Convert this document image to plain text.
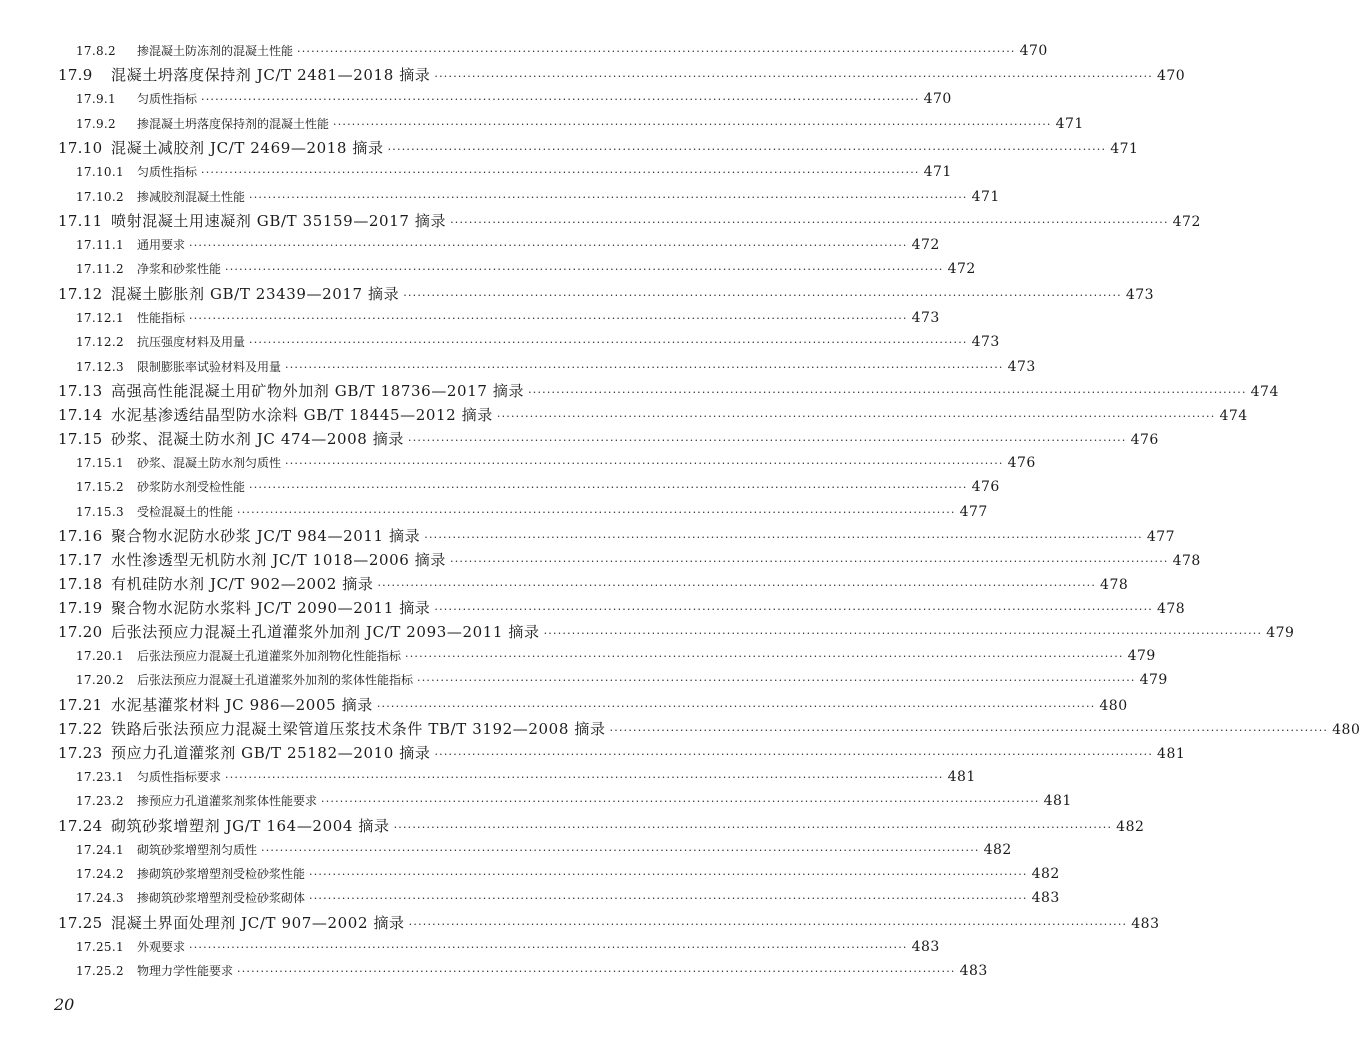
17.8.2	掺混凝土防冻剂的混凝土性能 ·····	470
17.9	混凝土坍落度保持剂 JC/T 2481—2018 摘录 ·····	470
17.9.1	匀质性指标 ·····	470
17.9.2	掺混凝土坍落度保持剂的混凝土性能 ·····	471
17.10 混凝土减胶剂 JC/T 2469—2018 摘录 ·····	471
17.10.1	匀质性指标 ·····	471
17.10.2	掺减胶剂混凝土性能 ·····	471
17.11 喷射混凝土用速凝剂 GB/T 35159—2017 摘录 ·····	472
17.11.1	通用要求 ·····	472
17.11.2	净浆和砂浆性能 ·····	472
17.12 混凝土膨胀剂 GB/T 23439—2017 摘录 ·····	473
17.12.1	性能指标 ·····	473
17.12.2	抗压强度材料及用量 ·····	473
17.12.3	限制膨胀率试验材料及用量 ·····	473
17.13 高强高性能混凝土用矿物外加剂 GB/T 18736—2017 摘录 ·····	474
17.14 水泥基渗透结晶型防水涂料 GB/T 18445—2012 摘录 ·····	474
17.15 砂浆、混凝土防水剂 JC 474—2008 摘录 ·····	476
17.15.1	砂浆、混凝土防水剂匀质性 ·····	476
17.15.2	砂浆防水剂受检性能 ·····	476
17.15.3	受检混凝土的性能 ·····	477
17.16 聚合物水泥防水砂浆 JC/T 984—2011 摘录 ·····	477
17.17 水性渗透型无机防水剂 JC/T 1018—2006 摘录 ·····	478
17.18 有机硅防水剂 JC/T 902—2002 摘录 ·····	478
17.19 聚合物水泥防水浆料 JC/T 2090—2011 摘录 ·····	478
17.20 后张法预应力混凝土孔道灌浆外加剂 JC/T 2093—2011 摘录 ·····	479
17.20.1	后张法预应力混凝土孔道灌浆外加剂物化性能指标 ·····	479
17.20.2	后张法预应力混凝土孔道灌浆外加剂的浆体性能指标 ·····	479
17.21 水泥基灌浆材料 JC 986—2005 摘录 ·····	480
17.22 铁路后张法预应力混凝土梁管道压浆技术条件 TB/T 3192—2008 摘录 ·····	480
17.23 预应力孔道灌浆剂 GB/T 25182—2010 摘录 ·····	481
17.23.1	匀质性指标要求 ·····	481
17.23.2	掺预应力孔道灌浆剂浆体性能要求 ·····	481
17.24 砌筑砂浆增塑剂 JG/T 164—2004 摘录 ·····	482
17.24.1	砌筑砂浆增塑剂匀质性 ·····	482
17.24.2	掺砌筑砂浆增塑剂受检砂浆性能 ·····	482
17.24.3	掺砌筑砂浆增塑剂受检砂浆砌体 ·····	483
17.25 混凝土界面处理剂 JC/T 907—2002 摘录 ·····	483
17.25.1	外观要求 ·····	483
17.25.2	物理力学性能要求 ·····	483
20
